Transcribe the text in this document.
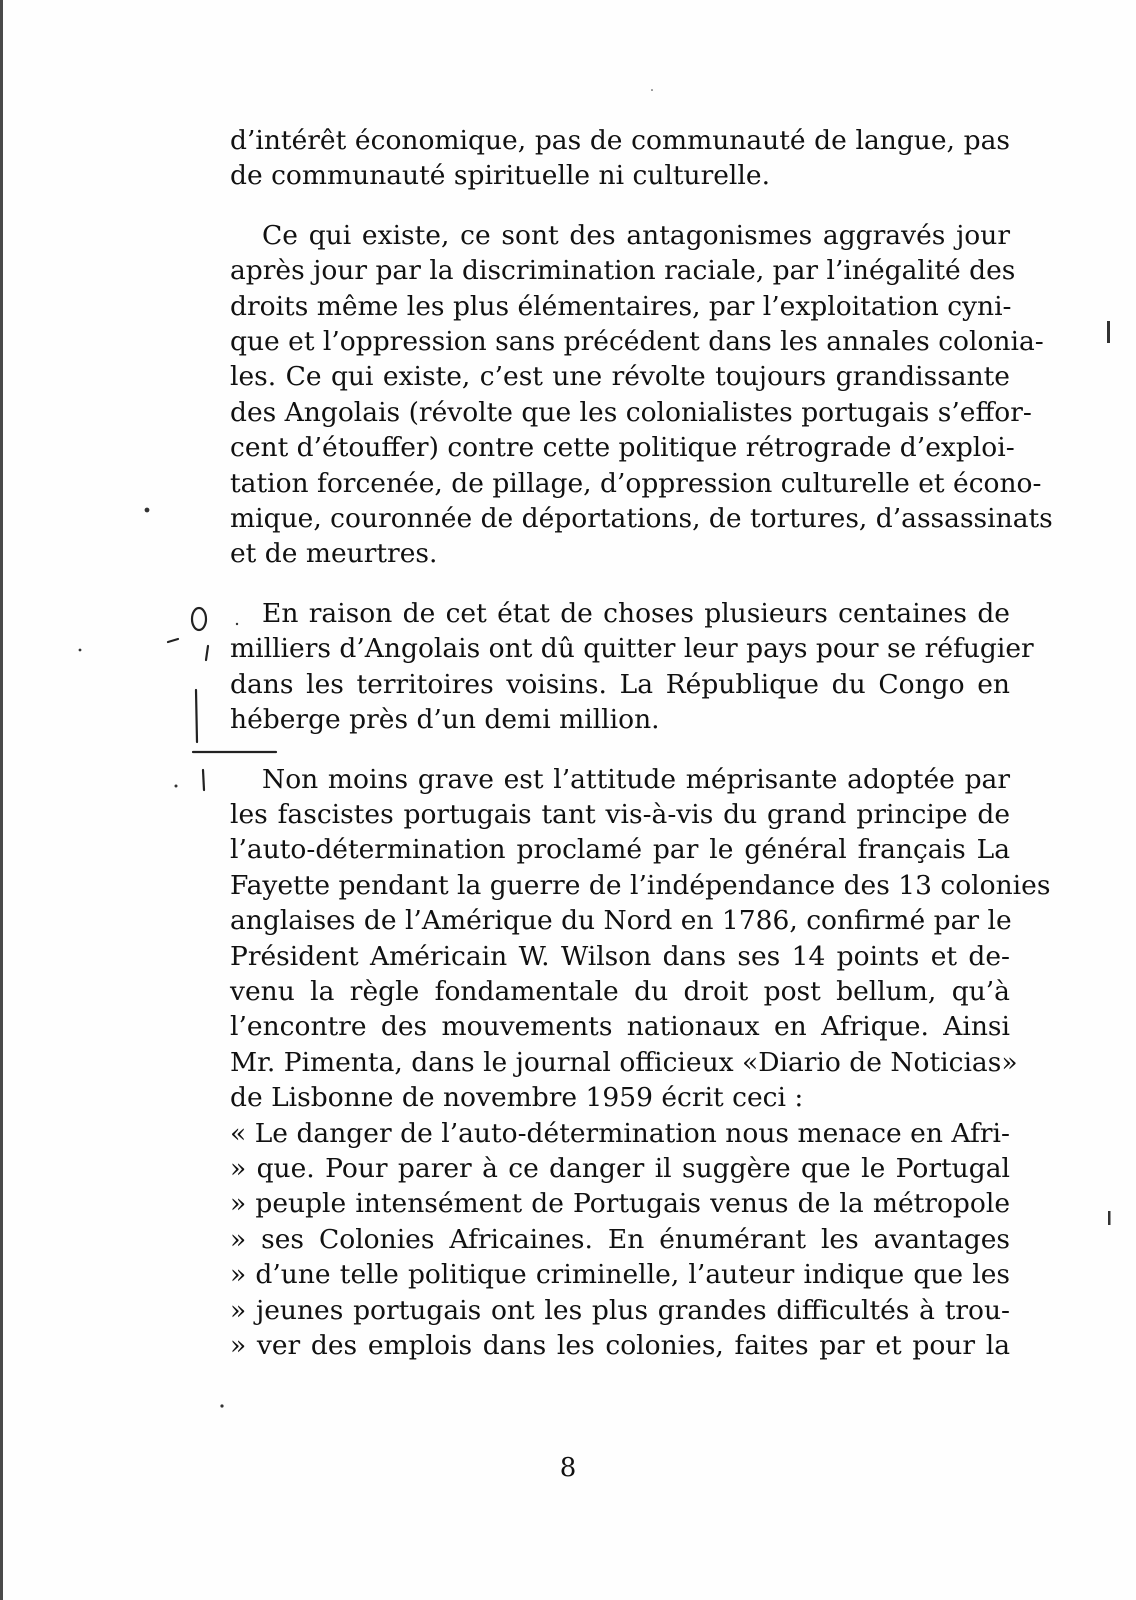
d’intérêt économique, pas de communauté de langue, pas
de communauté spirituelle ni culturelle.

Ce qui existe, ce sont des antagonismes aggravés jour
après jour par la discrimination raciale, par l’inégalité des
droits même les plus élémentaires, par l’exploitation cyni-
que et l’oppression sans précédent dans les annales colonia-
les. Ce qui existe, c’est une révolte toujours grandissante
des Angolais (révolte que les colonialistes portugais s’effor-
cent d’étouffer) contre cette politique rétrograde d’exploi-
tation forcenée, de pillage, d’oppression culturelle et écono-
mique, couronnée de déportations, de tortures, d’assassinats
et de meurtres.

En raison de cet état de choses plusieurs centaines de
milliers d’Angolais ont dû quitter leur pays pour se réfugier
dans les territoires voisins. La République du Congo en
héberge près d’un demi million.

Non moins grave est l’attitude méprisante adoptée par
les fascistes portugais tant vis-à-vis du grand principe de
l’auto-détermination proclamé par le général français La
Fayette pendant la guerre de l’indépendance des 13 colonies
anglaises de l’Amérique du Nord en 1786, confirmé par le
Président Américain W. Wilson dans ses 14 points et de-
venu la règle fondamentale du droit post bellum, qu’à
l’encontre des mouvements nationaux en Afrique. Ainsi
Mr. Pimenta, dans le journal officieux «Diario de Noticias»
de Lisbonne de novembre 1959 écrit ceci :
« Le danger de l’auto-détermination nous menace en Afri-
» que. Pour parer à ce danger il suggère que le Portugal
» peuple intensément de Portugais venus de la métropole
» ses Colonies Africaines. En énumérant les avantages
» d’une telle politique criminelle, l’auteur indique que les
» jeunes portugais ont les plus grandes difficultés à trou-
» ver des emplois dans les colonies, faites par et pour la

8
